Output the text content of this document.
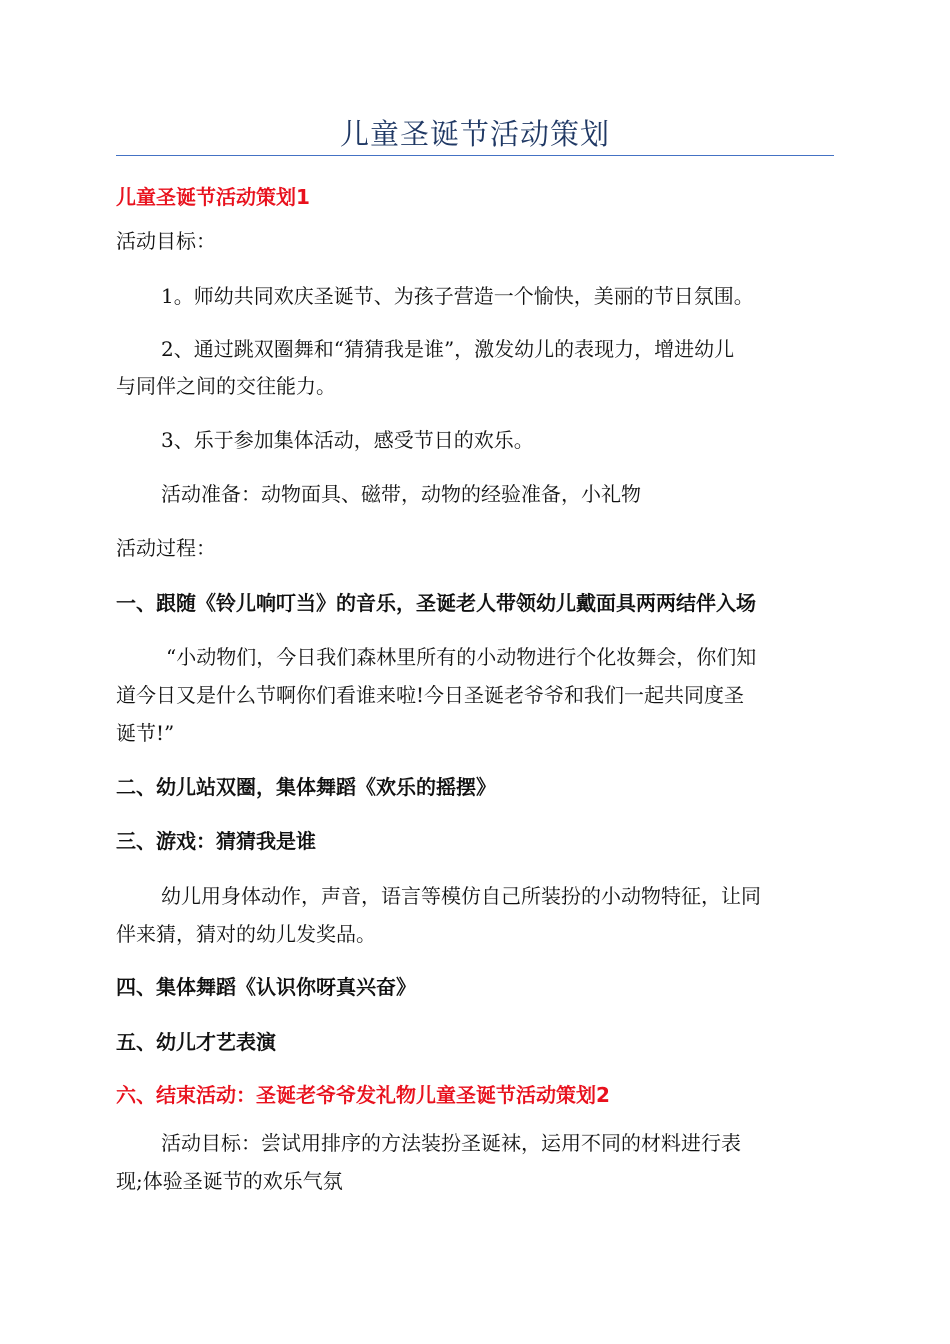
儿童圣诞节活动策划
儿童圣诞节活动策划1
活动目标：
1。师幼共同欢庆圣诞节、为孩子营造一个愉快，美丽的节日氛围。
2、通过跳双圈舞和“猜猜我是谁”，激发幼儿的表现力，增进幼儿
与同伴之间的交往能力。
3、乐于参加集体活动，感受节日的欢乐。
活动准备：动物面具、磁带，动物的经验准备，小礼物
活动过程：
一、跟随《铃儿响叮当》的音乐，圣诞老人带领幼儿戴面具两两结伴入场
“小动物们，今日我们森林里所有的小动物进行个化妆舞会，你们知
道今日又是什么节啊你们看谁来啦!今日圣诞老爷爷和我们一起共同度圣
诞节!”
二、幼儿站双圈，集体舞蹈《欢乐的摇摆》
三、游戏：猜猜我是谁
幼儿用身体动作，声音，语言等模仿自己所装扮的小动物特征，让同
伴来猜，猜对的幼儿发奖品。
四、集体舞蹈《认识你呀真兴奋》
五、幼儿才艺表演
六、结束活动：圣诞老爷爷发礼物儿童圣诞节活动策划2
活动目标：尝试用排序的方法装扮圣诞袜，运用不同的材料进行表
现;体验圣诞节的欢乐气氛
